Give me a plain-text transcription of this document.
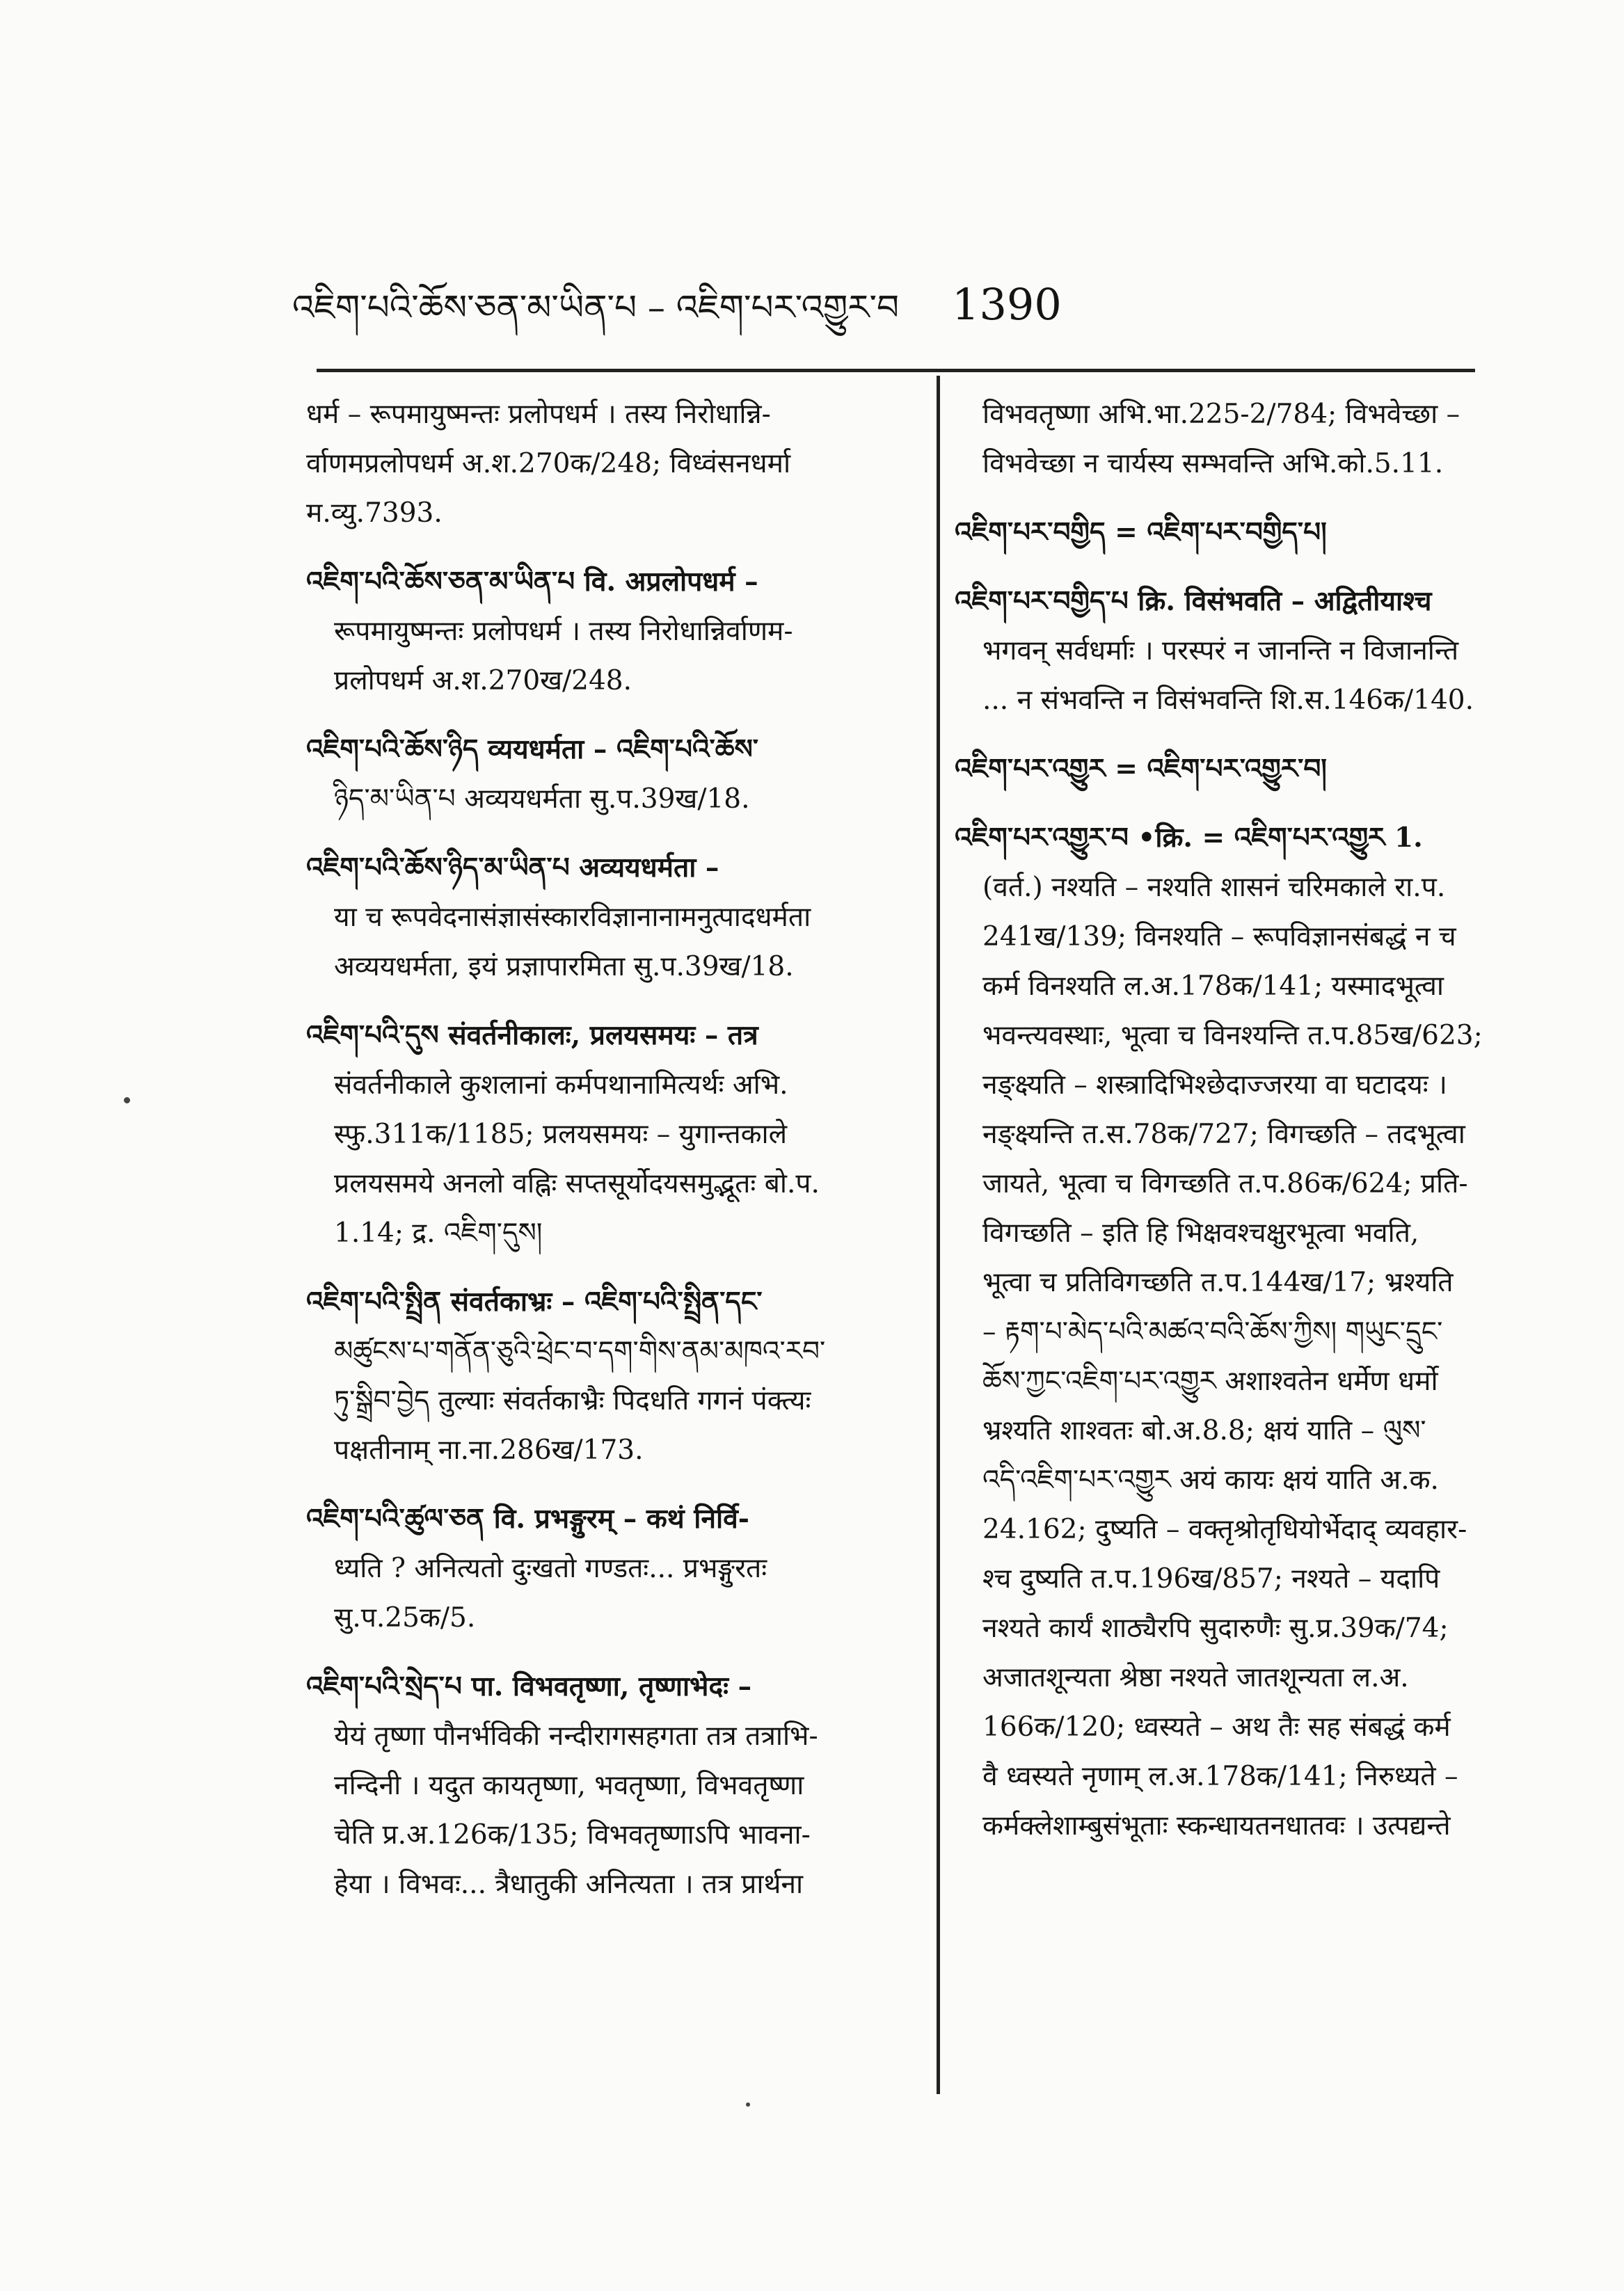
འཇིག་པའི་ཆོས་ཅན་མ་ཡིན་པ – འཇིག་པར་འགྱུར་བ 1390
धर्म – रूपमायुष्मन्तः प्रलोपधर्म । तस्य निरोधान्नि-
र्वाणमप्रलोपधर्म अ.श.270क/248; विध्वंसनधर्मा
म.व्यु.7393.
འཇིག་པའི་ཆོས་ཅན་མ་ཡིན་པ वि. अप्रलोपधर्म –
रूपमायुष्मन्तः प्रलोपधर्म । तस्य निरोधान्निर्वाणम-
प्रलोपधर्म अ.श.270ख/248.
འཇིག་པའི་ཆོས་ཉིད व्ययधर्मता – འཇིག་པའི་ཆོས་
ཉིད་མ་ཡིན་པ अव्ययधर्मता सु.प.39ख/18.
འཇིག་པའི་ཆོས་ཉིད་མ་ཡིན་པ अव्ययधर्मता –
या च रूपवेदनासंज्ञासंस्कारविज्ञानानामनुत्पादधर्मता
अव्ययधर्मता, इयं प्रज्ञापारमिता सु.प.39ख/18.
འཇིག་པའི་དུས संवर्तनीकालः, प्रलयसमयः – तत्र
संवर्तनीकाले कुशलानां कर्मपथानामित्यर्थः अभि.
स्फु.311क/1185; प्रलयसमयः – युगान्तकाले
प्रलयसमये अनलो वह्निः सप्तसूर्योदयसमुद्भूतः बो.प.
1.14; द्र. འཇིག་དུས།
འཇིག་པའི་སྤྲིན संवर्तकाभ्रः – འཇིག་པའི་སྤྲིན་དང་
མཚུངས་པ་གནོན་ཅུའི་ཕྲེང་བ་དག་གིས་ནམ་མཁའ་རབ་
ཏུ་སྒྲིབ་བྱེད तुल्याः संवर्तकाभ्रैः पिदधति गगनं पंक्त्यः
पक्षतीनाम् ना.ना.286ख/173.
འཇིག་པའི་ཚུལ་ཅན वि. प्रभङ्गुरम् – कथं निर्वि-
ध्यति ? अनित्यतो दुःखतो गण्डतः... प्रभङ्गुरतः
सु.प.25क/5.
འཇིག་པའི་སྲེད་པ पा. विभवतृष्णा, तृष्णाभेदः –
येयं तृष्णा पौनर्भविकी नन्दीरागसहगता तत्र तत्राभि-
नन्दिनी । यदुत कायतृष्णा, भवतृष्णा, विभवतृष्णा
चेति प्र.अ.126क/135; विभवतृष्णाऽपि भावना-
हेया । विभवः... त्रैधातुकी अनित्यता । तत्र प्रार्थना
विभवतृष्णा अभि.भा.225-2/784; विभवेच्छा –
विभवेच्छा न चार्यस्य सम्भवन्ति अभि.को.5.11.
འཇིག་པར་བགྱིད = འཇིག་པར་བགྱིད་པ།
འཇིག་པར་བགྱིད་པ क्रि. विसंभवति – अद्वितीयाश्च
भगवन् सर्वधर्माः । परस्परं न जानन्ति न विजानन्ति
... न संभवन्ति न विसंभवन्ति शि.स.146क/140.
འཇིག་པར་འགྱུར = འཇིག་པར་འགྱུར་བ།
འཇིག་པར་འགྱུར་བ •क्रि. = འཇིག་པར་འགྱུར 1.
(वर्त.) नश्यति – नश्यति शासनं चरिमकाले रा.प.
241ख/139; विनश्यति – रूपविज्ञानसंबद्धं न च
कर्म विनश्यति ल.अ.178क/141; यस्मादभूत्वा
भवन्त्यवस्थाः, भूत्वा च विनश्यन्ति त.प.85ख/623;
नङ्क्ष्यति – शस्त्रादिभिश्छेदाज्जरया वा घटादयः ।
नङ्क्ष्यन्ति त.स.78क/727; विगच्छति – तदभूत्वा
जायते, भूत्वा च विगच्छति त.प.86क/624; प्रति-
विगच्छति – इति हि भिक्षवश्चक्षुरभूत्वा भवति,
भूत्वा च प्रतिविगच्छति त.प.144ख/17; भ्रश्यति
– རྟག་པ་མེད་པའི་མཚའ་བའི་ཆོས་ཀྱིས། གཡུང་དྲུང་
ཆོས་ཀྱང་འཇིག་པར་འགྱུར अशाश्वतेन धर्मेण धर्मो
भ्रश्यति शाश्वतः बो.अ.8.8; क्षयं याति – ལུས་
འདི་འཇིག་པར་འགྱུར अयं कायः क्षयं याति अ.क.
24.162; दुष्यति – वक्तृश्रोतृधियोर्भेदाद् व्यवहार-
श्च दुष्यति त.प.196ख/857; नश्यते – यदापि
नश्यते कार्यं शाठ्यैरपि सुदारुणैः सु.प्र.39क/74;
अजातशून्यता श्रेष्ठा नश्यते जातशून्यता ल.अ.
166क/120; ध्वस्यते – अथ तैः सह संबद्धं कर्म
वै ध्वस्यते नृणाम् ल.अ.178क/141; निरुध्यते –
कर्मक्लेशाम्बुसंभूताः स्कन्धायतनधातवः । उत्पद्यन्ते
